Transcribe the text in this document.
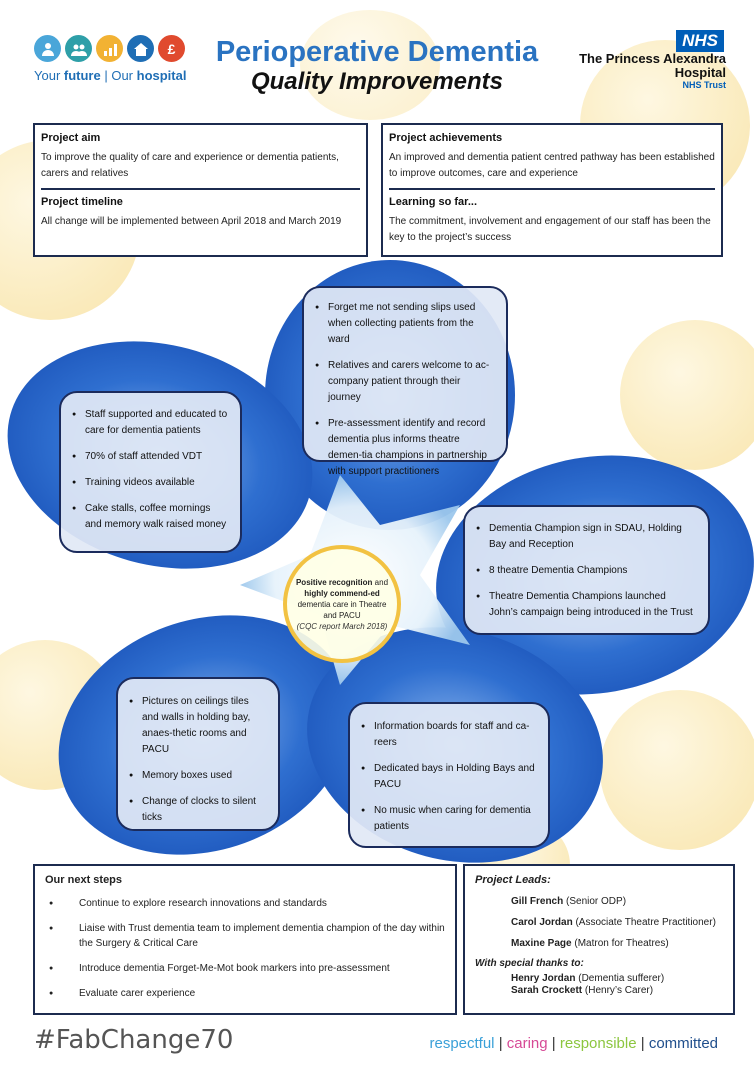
£
Your future | Our hospital
Perioperative Dementia
Quality Improvements
NHS
The Princess Alexandra
Hospital
NHS Trust
Project aim

To improve the quality of care and experience or dementia patients, carers and relatives

Project timeline

All change will be implemented between April 2018 and March 2019

Project achievements

An improved and dementia patient centred pathway has been established to improve outcomes, care and experience

Learning so far...

The commitment, involvement and engagement of our staff has been the key to the project’s success

● Forget me not sending slips used when collecting patients from the ward
● Relatives and carers welcome to ac-company patient through their journey
● Pre-assessment identify and record dementia plus informs theatre demen-tia champions in partnership with support practitioners
● Staff supported and educated to care for dementia patients
● 70% of staff attended VDT
● Training videos available
● Cake stalls, coffee mornings and memory walk raised money
●	Dementia Champion sign in SDAU, Holding Bay and Reception
● 8 theatre Dementia Champions
● Theatre Dementia Champions launched John’s campaign being introduced in the Trust
● Pictures on ceilings tiles and walls in holding bay, anaes-thetic rooms and PACU
● Memory boxes used
● Change of clocks to silent ticks
● Information boards for staff and ca-reers
● Dedicated bays in Holding Bays and PACU
● No music when caring for dementia patients
Positive recognition and highly commend-ed dementia care in Theatre and PACU
(CQC report March 2018)
Our next steps
● Continue to explore research innovations and standards
● Liaise with Trust dementia team to implement dementia champion of the day within the Surgery & Critical Care
● Introduce dementia Forget-Me-Mot book markers into pre-assessment
● Evaluate carer experience
Project Leads:
Gill French (Senior ODP)
Carol Jordan (Associate Theatre Practitioner)
Maxine Page (Matron for Theatres)
With special thanks to:
Henry Jordan (Dementia sufferer)
Sarah Crockett (Henry’s Carer)
#FabChange70	respectful | caring | responsible | committed
